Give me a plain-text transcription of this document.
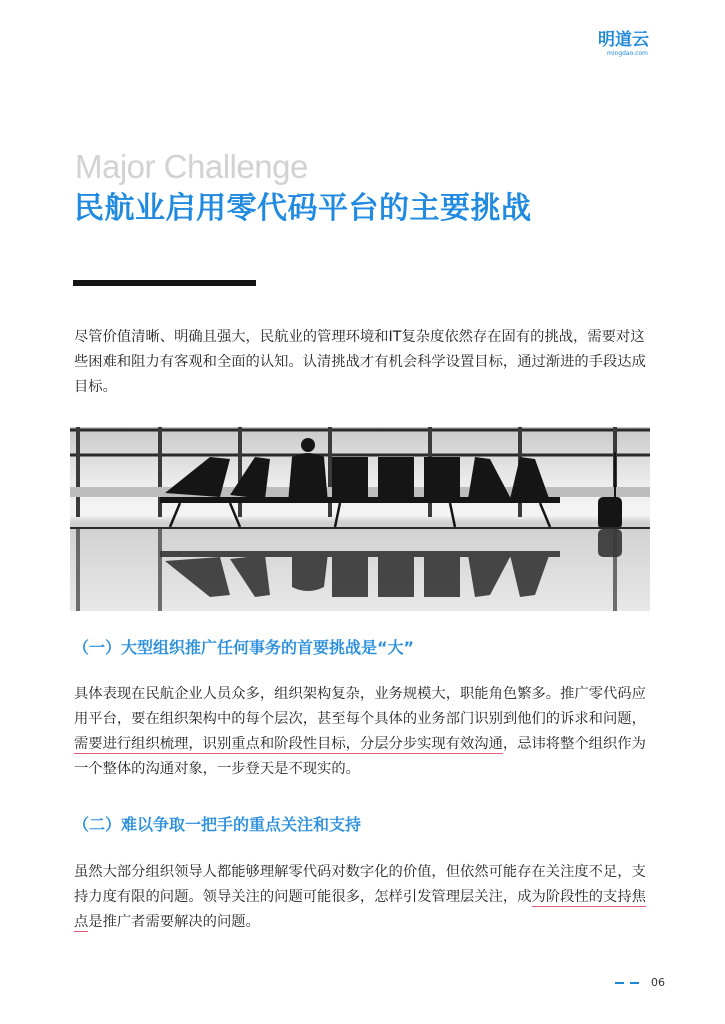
明道云
mingdao.com
Major Challenge
民航业启用零代码平台的主要挑战
尽管价值清晰、明确且强大，民航业的管理环境和IT复杂度依然存在固有的挑战，需要对这些困难和阻力有客观和全面的认知。认清挑战才有机会科学设置目标，通过渐进的手段达成目标。
（一）大型组织推广任何事务的首要挑战是“大”
具体表现在民航企业人员众多，组织架构复杂，业务规模大，职能角色繁多。推广零代码应用平台，要在组织架构中的每个层次，甚至每个具体的业务部门识别到他们的诉求和问题，需要进行组织梳理，识别重点和阶段性目标，分层分步实现有效沟通，忌讳将整个组织作为一个整体的沟通对象，一步登天是不现实的。
（二）难以争取一把手的重点关注和支持
虽然大部分组织领导人都能够理解零代码对数字化的价值，但依然可能存在关注度不足，支持力度有限的问题。领导关注的问题可能很多，怎样引发管理层关注，成为阶段性的支持焦点是推广者需要解决的问题。
06
